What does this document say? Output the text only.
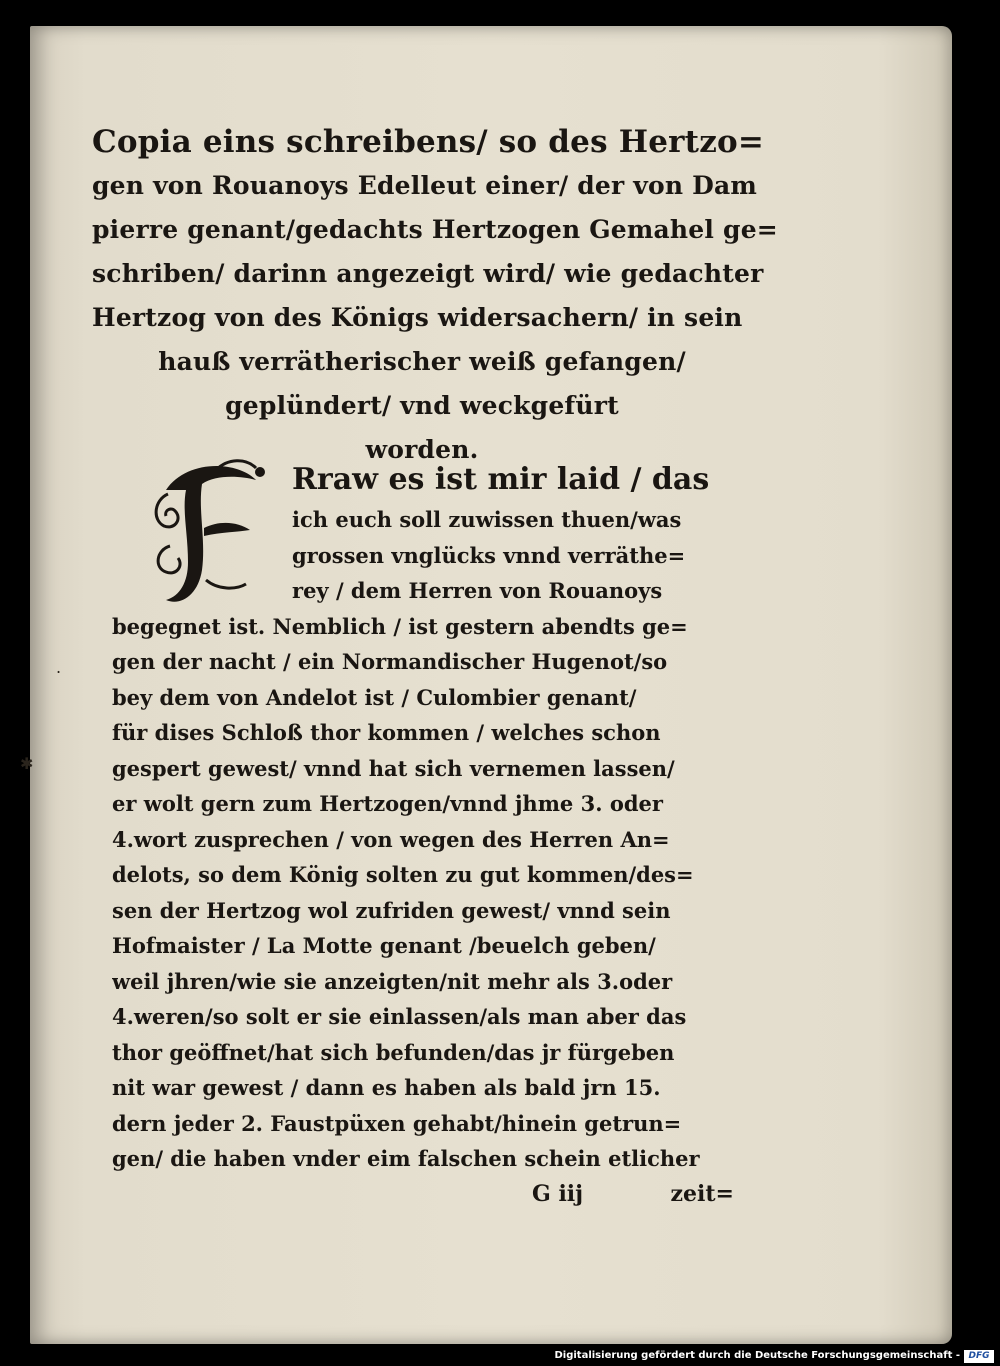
Copia eins schreibens/ so des Hertzo=
gen von Rouanoys Edelleut einer/ der von Dam
pierre genant/gedachts Hertzogen Gemahel ge=
schriben/ darinn angezeigt wird/ wie gedachter
Hertzog von des Königs widersachern/ in sein
hauß verrätherischer weiß gefangen/
geplündert/ vnd weckgefürt
worden.
Rraw es ist mir laid / das
ich euch soll zuwissen thuen/was
grossen vnglücks vnnd verräthe=
rey / dem Herren von Rouanoys
begegnet ist. Nemblich / ist gestern abendts ge=
gen der nacht / ein Normandischer Hugenot/so
bey dem von Andelot ist / Culombier genant/
für dises Schloß thor kommen / welches schon
gespert gewest/ vnnd hat sich vernemen lassen/
er wolt gern zum Hertzogen/vnnd jhme 3. oder
4.wort zusprechen / von wegen des Herren An=
delots, so dem König solten zu gut kommen/des=
sen der Hertzog wol zufriden gewest/ vnnd sein
Hofmaister / La Motte genant /beuelch geben/
weil jhren/wie sie anzeigten/nit mehr als 3.oder
4.weren/so solt er sie einlassen/als man aber das
thor geöffnet/hat sich befunden/das jr fürgeben
nit war gewest / dann es haben als bald jrn 15.
dern jeder 2. Faustpüxen gehabt/hinein getrun=
gen/ die haben vnder eim falschen schein etlicher
G iij	zeit=
.
✱
Digitalisierung gefördert durch die Deutsche Forschungsgemeinschaft - DFG
